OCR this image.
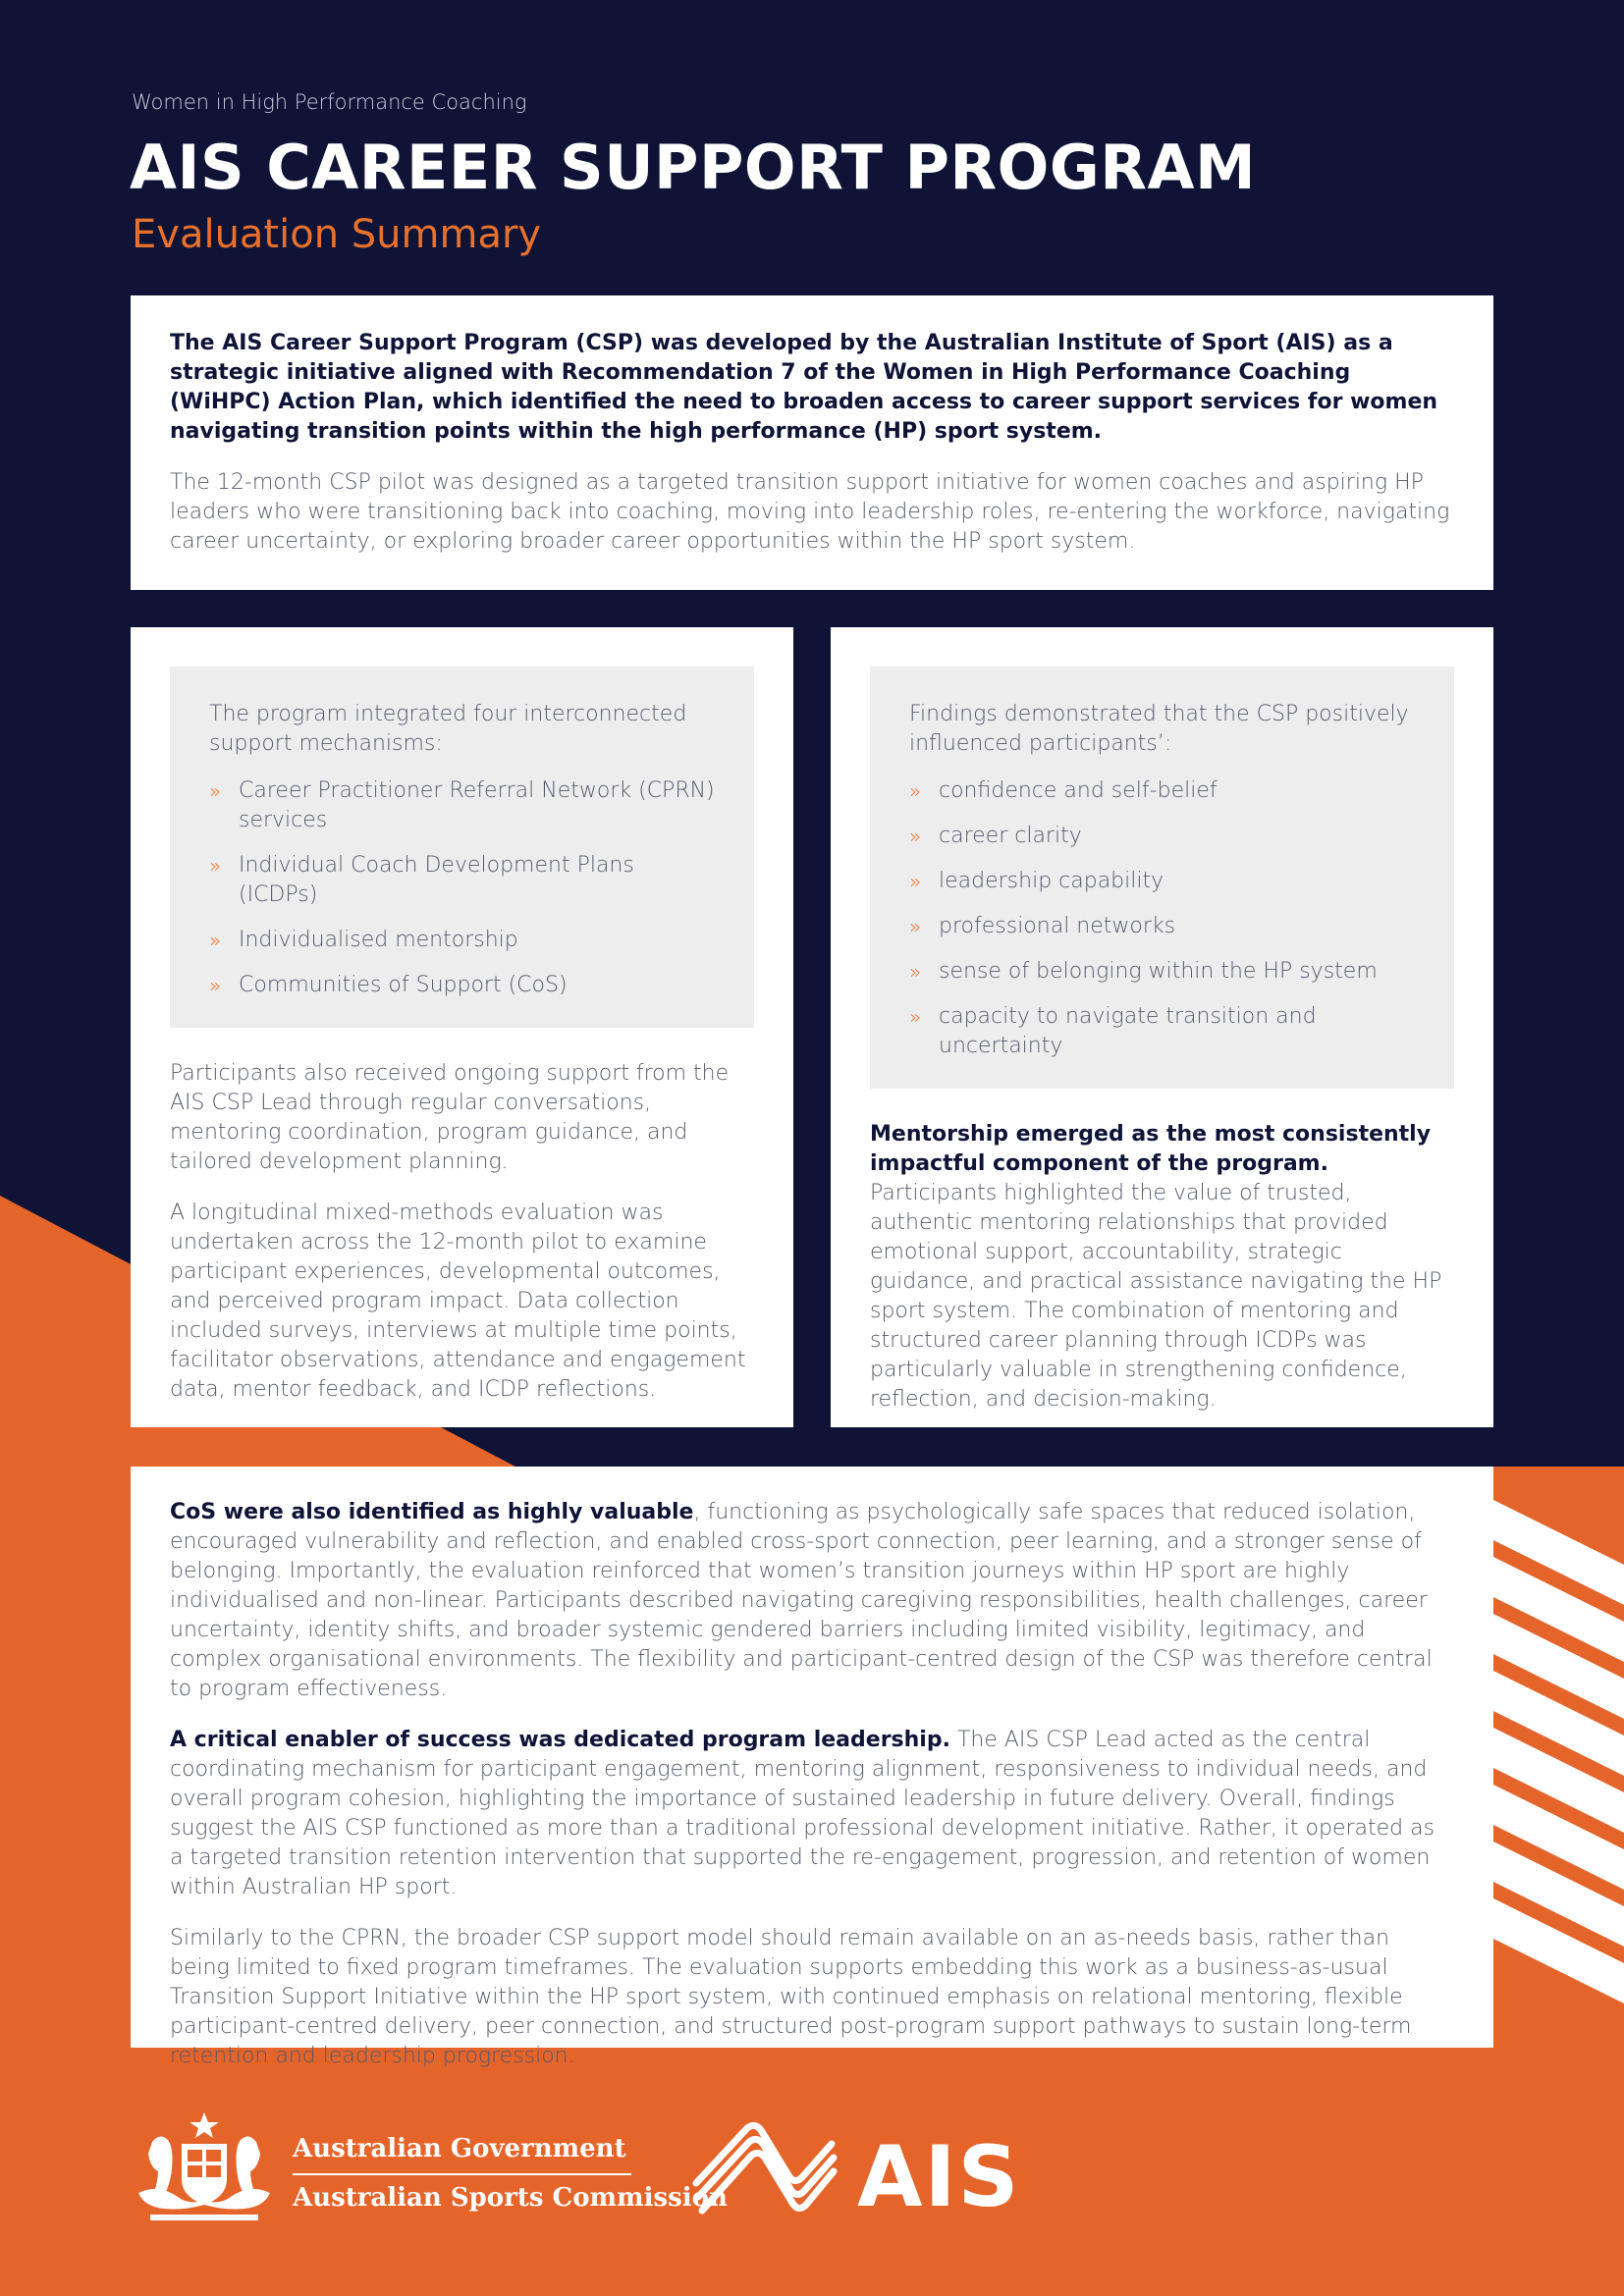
Women in High Performance Coaching
AIS CAREER SUPPORT PROGRAM
Evaluation Summary

The AIS Career Support Program (CSP) was developed by the Australian Institute of Sport (AIS) as a strategic initiative aligned with Recommendation 7 of the Women in High Performance Coaching (WiHPC) Action Plan, which identified the need to broaden access to career support services for women navigating transition points within the high performance (HP) sport system.

The 12-month CSP pilot was designed as a targeted transition support initiative for women coaches and aspiring HP leaders who were transitioning back into coaching, moving into leadership roles, re-entering the workforce, navigating career uncertainty, or exploring broader career opportunities within the HP sport system.

The program integrated four interconnected support mechanisms:

» Career Practitioner Referral Network (CPRN) services
» Individual Coach Development Plans (ICDPs)
» Individualised mentorship
» Communities of Support (CoS)

Participants also received ongoing support from the AIS CSP Lead through regular conversations, mentoring coordination, program guidance, and tailored development planning.

A longitudinal mixed-methods evaluation was undertaken across the 12-month pilot to examine participant experiences, developmental outcomes, and perceived program impact. Data collection included surveys, interviews at multiple time points, facilitator observations, attendance and engagement data, mentor feedback, and ICDP reflections.

Findings demonstrated that the CSP positively influenced participants’:

» confidence and self-belief
» career clarity
» leadership capability
» professional networks
» sense of belonging within the HP system
» capacity to navigate transition and uncertainty

Mentorship emerged as the most consistently impactful component of the program. Participants highlighted the value of trusted, authentic mentoring relationships that provided emotional support, accountability, strategic guidance, and practical assistance navigating the HP sport system. The combination of mentoring and structured career planning through ICDPs was particularly valuable in strengthening confidence, reflection, and decision-making.

CoS were also identified as highly valuable, functioning as psychologically safe spaces that reduced isolation, encouraged vulnerability and reflection, and enabled cross-sport connection, peer learning, and a stronger sense of belonging. Importantly, the evaluation reinforced that women’s transition journeys within HP sport are highly individualised and non-linear. Participants described navigating caregiving responsibilities, health challenges, career uncertainty, identity shifts, and broader systemic gendered barriers including limited visibility, legitimacy, and complex organisational environments. The flexibility and participant-centred design of the CSP was therefore central to program effectiveness.

A critical enabler of success was dedicated program leadership. The AIS CSP Lead acted as the central coordinating mechanism for participant engagement, mentoring alignment, responsiveness to individual needs, and overall program cohesion, highlighting the importance of sustained leadership in future delivery. Overall, findings suggest the AIS CSP functioned as more than a traditional professional development initiative. Rather, it operated as a targeted transition retention intervention that supported the re-engagement, progression, and retention of women within Australian HP sport.

Similarly to the CPRN, the broader CSP support model should remain available on an as-needs basis, rather than being limited to fixed program timeframes. The evaluation supports embedding this work as a business-as-usual Transition Support Initiative within the HP sport system, with continued emphasis on relational mentoring, flexible participant-centred delivery, peer connection, and structured post-program support pathways to sustain long-term retention and leadership progression.

Australian Government
Australian Sports Commission AIS
